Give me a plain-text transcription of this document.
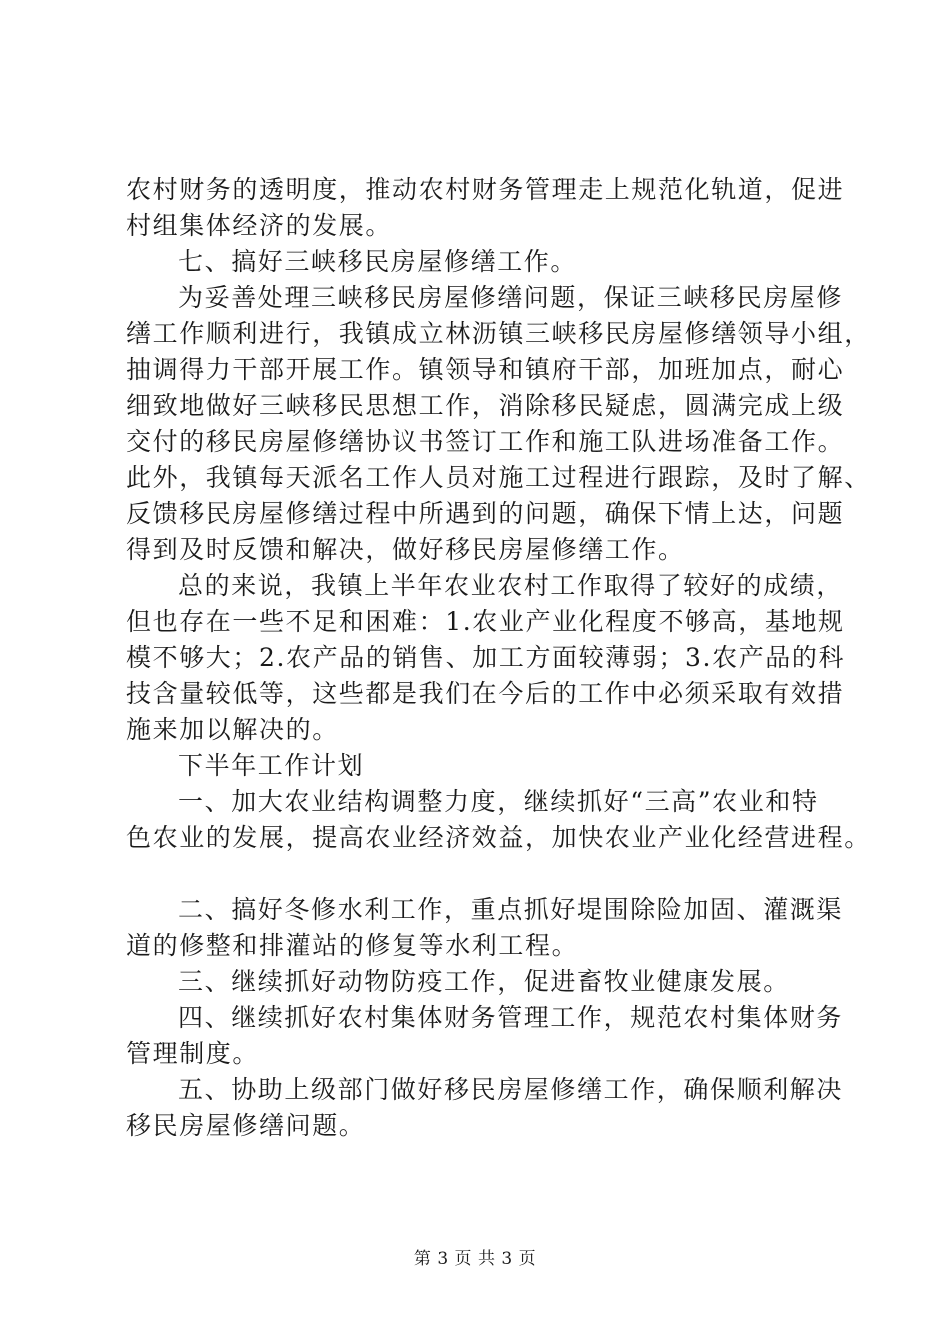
农村财务的透明度，推动农村财务管理走上规范化轨道，促进
村组集体经济的发展。
七、搞好三峡移民房屋修缮工作。
为妥善处理三峡移民房屋修缮问题，保证三峡移民房屋修
缮工作顺利进行，我镇成立林沥镇三峡移民房屋修缮领导小组，
抽调得力干部开展工作。镇领导和镇府干部，加班加点，耐心
细致地做好三峡移民思想工作，消除移民疑虑，圆满完成上级
交付的移民房屋修缮协议书签订工作和施工队进场准备工作。
此外，我镇每天派名工作人员对施工过程进行跟踪，及时了解、
反馈移民房屋修缮过程中所遇到的问题，确保下情上达，问题
得到及时反馈和解决，做好移民房屋修缮工作。
总的来说，我镇上半年农业农村工作取得了较好的成绩，
但也存在一些不足和困难：1.农业产业化程度不够高，基地规
模不够大；2.农产品的销售、加工方面较薄弱；3.农产品的科
技含量较低等，这些都是我们在今后的工作中必须采取有效措
施来加以解决的。
下半年工作计划
一、加大农业结构调整力度，继续抓好“三高”农业和特
色农业的发展，提高农业经济效益，加快农业产业化经营进程。
二、搞好冬修水利工作，重点抓好堤围除险加固、灌溉渠
道的修整和排灌站的修复等水利工程。
三、继续抓好动物防疫工作，促进畜牧业健康发展。
四、继续抓好农村集体财务管理工作，规范农村集体财务
管理制度。
五、协助上级部门做好移民房屋修缮工作，确保顺利解决
移民房屋修缮问题。
第 3 页 共 3 页
